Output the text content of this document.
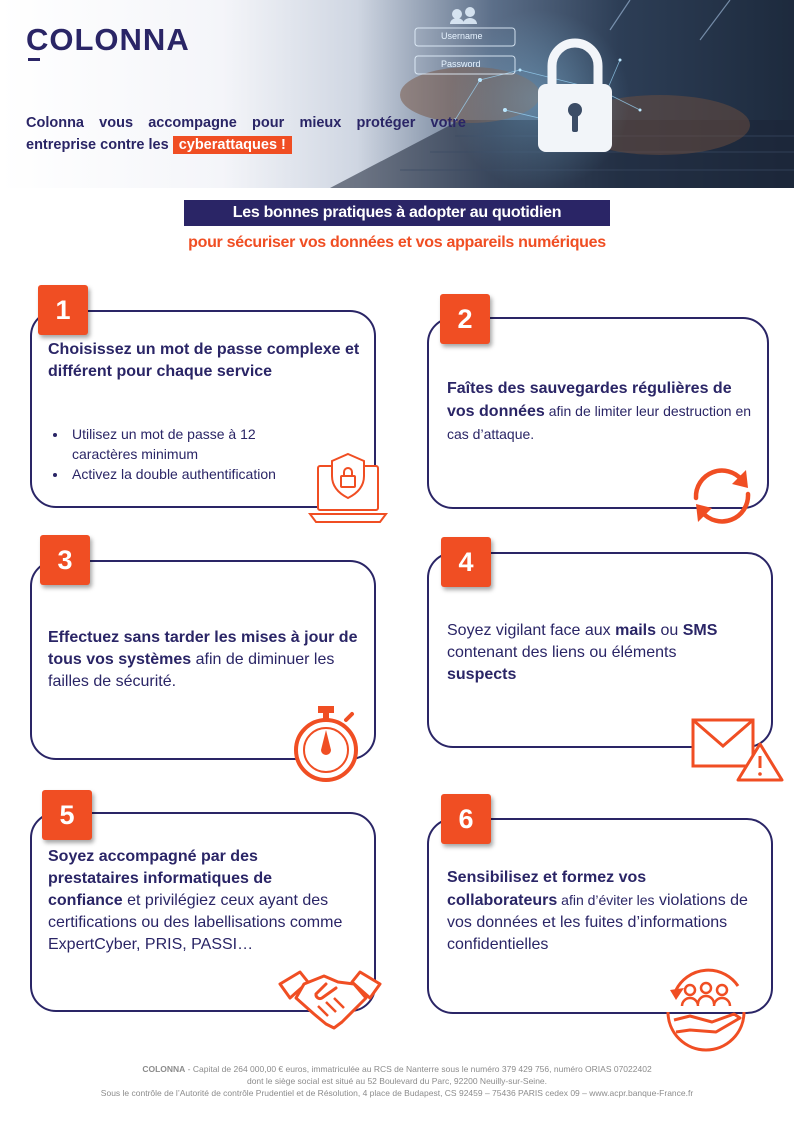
COLONNA	Username
Password
Colonna vous accompagne pour mieux protéger votre entreprise contre les cyberattaques !
Les bonnes pratiques à adopter au quotidien
pour sécuriser vos données et vos appareils numériques
1
Choisissez un mot de passe complexe et différent pour chaque service
• Utilisez un mot de passe à 12 caractères minimum
• Activez la double authentification
2
Faîtes des sauvegardes régulières de vos données afin de limiter leur destruction en cas d’attaque.
3
Effectuez sans tarder les mises à jour de tous vos systèmes afin de diminuer les failles de sécurité.
4
Soyez vigilant face aux mails ou SMS contenant des liens ou éléments suspects
5
Soyez accompagné par des prestataires informatiques de confiance et privilégiez ceux ayant des certifications ou des labellisations comme ExpertCyber, PRIS, PASSI…
6
Sensibilisez et formez vos collaborateurs afin d’éviter les violations de vos données et les fuites d’informations confidentielles
COLONNA - Capital de 264 000,00 € euros, immatriculée au RCS de Nanterre sous le numéro 379 429 756, numéro ORIAS 07022402
dont le siège social est situé au 52 Boulevard du Parc, 92200 Neuilly-sur-Seine.
Sous le contrôle de l’Autorité de contrôle Prudentiel et de Résolution, 4 place de Budapest, CS 92459 – 75436 PARIS cedex 09 – www.acpr.banque-France.fr
